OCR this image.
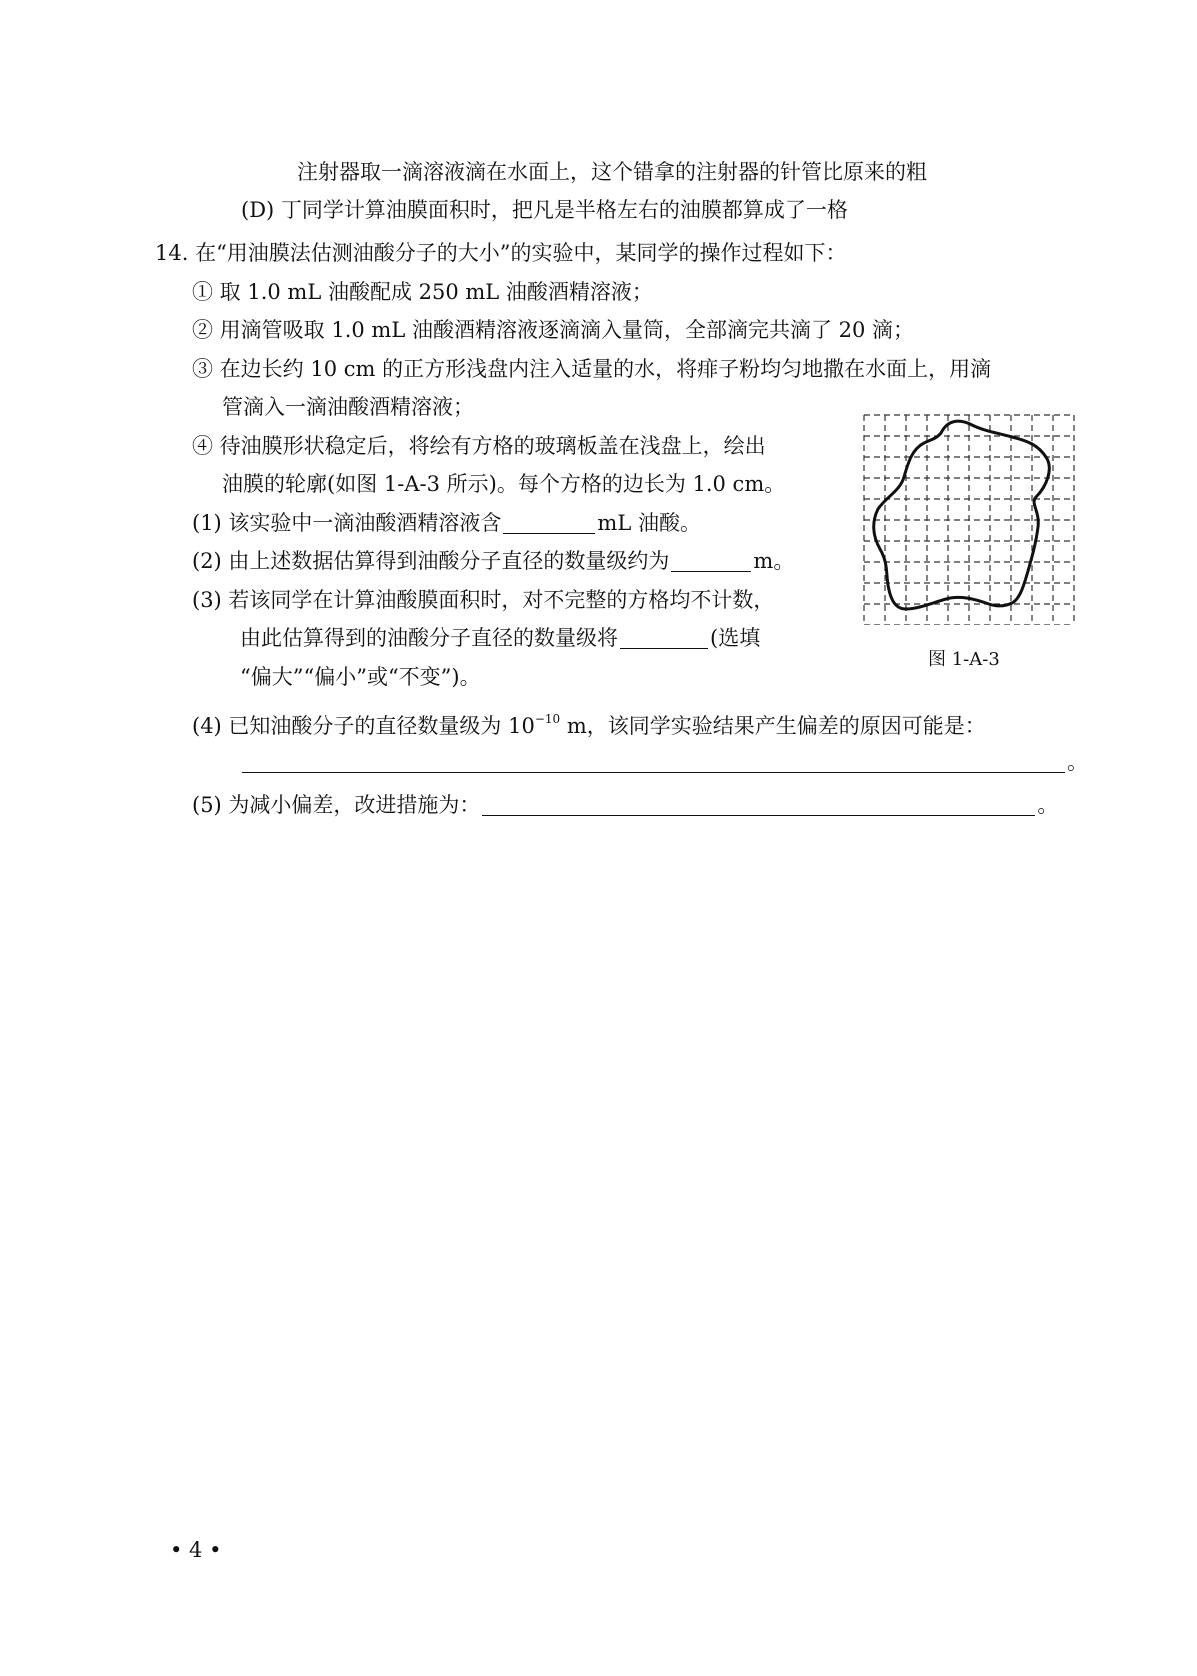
注射器取一滴溶液滴在水面上，这个错拿的注射器的针管比原来的粗
(D) 丁同学计算油膜面积时，把凡是半格左右的油膜都算成了一格
14. 在“用油膜法估测油酸分子的大小”的实验中，某同学的操作过程如下：
① 取 1.0 mL 油酸配成 250 mL 油酸酒精溶液；
② 用滴管吸取 1.0 mL 油酸酒精溶液逐滴滴入量筒，全部滴完共滴了 20 滴；
③ 在边长约 10 cm 的正方形浅盘内注入适量的水，将痱子粉均匀地撒在水面上，用滴
管滴入一滴油酸酒精溶液；
④ 待油膜形状稳定后，将绘有方格的玻璃板盖在浅盘上，绘出
油膜的轮廓(如图 1-A-3 所示)。每个方格的边长为 1.0 cm。
(1) 该实验中一滴油酸酒精溶液含	mL 油酸。
(2) 由上述数据估算得到油酸分子直径的数量级约为	m。
(3) 若该同学在计算油酸膜面积时，对不完整的方格均不计数，
由此估算得到的油酸分子直径的数量级将	(选填
“偏大”“偏小”或“不变”)。
(4) 已知油酸分子的直径数量级为 $10^{-10}$ m，该同学实验结果产生偏差的原因可能是：
。
(5) 为减小偏差，改进措施为：	。
图 1-A-3
• 4 •
